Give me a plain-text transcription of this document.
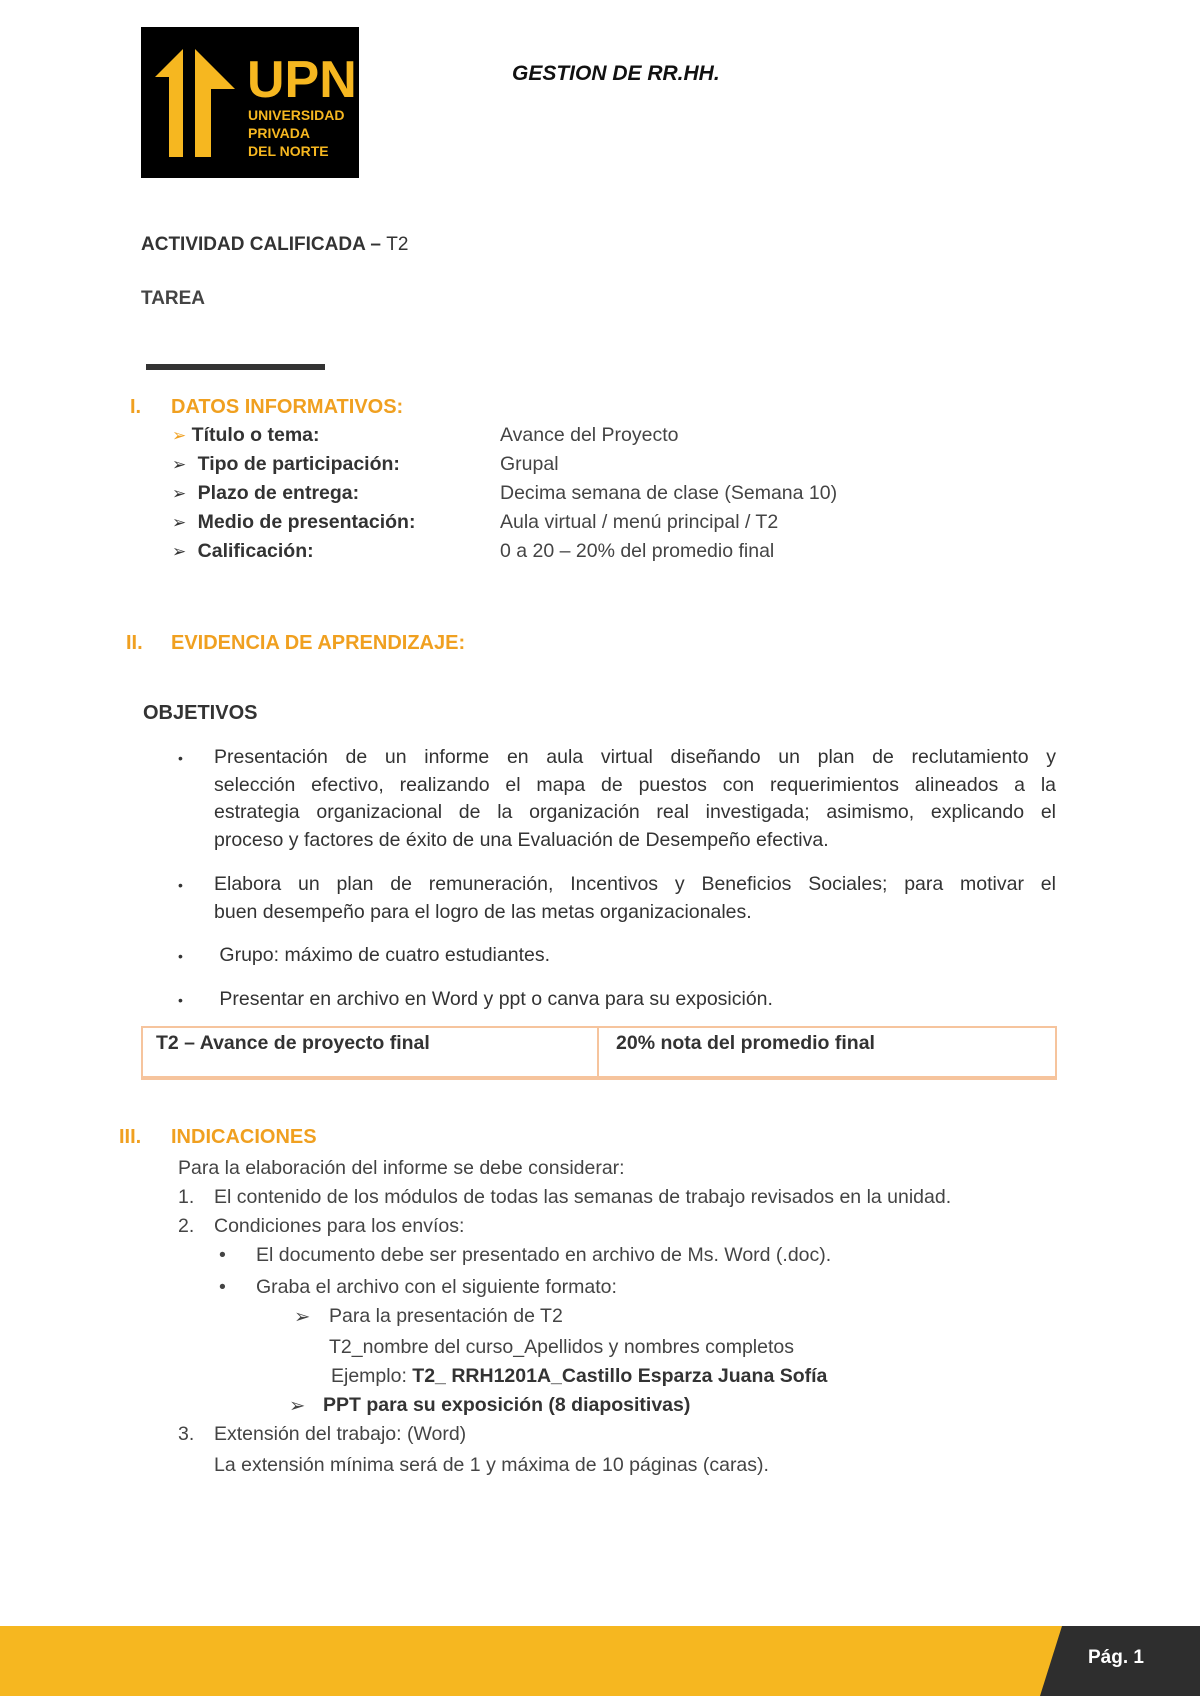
UPN
UNIVERSIDAD
PRIVADA
DEL NORTE
GESTION DE RR.HH.
ACTIVIDAD CALIFICADA – T2
TAREA
I. DATOS INFORMATIVOS:
➢ Título o tema:	Avance del Proyecto
➢ Tipo de participación:	Grupal
➢ Plazo de entrega:	Decima semana de clase (Semana 10)
➢ Medio de presentación:	Aula virtual / menú principal / T2
➢ Calificación:	0 a 20 – 20% del promedio final
II. EVIDENCIA DE APRENDIZAJE:
OBJETIVOS
• Presentación de un informe en aula virtual diseñando un plan de reclutamiento y
selección efectivo, realizando el mapa de puestos con requerimientos alineados a la
estrategia organizacional de la organización real investigada; asimismo, explicando el
proceso y factores de éxito de una Evaluación de Desempeño efectiva.
• Elabora un plan de remuneración, Incentivos y Beneficios Sociales; para motivar el
buen desempeño para el logro de las metas organizacionales.
• Grupo: máximo de cuatro estudiantes.
• Presentar en archivo en Word y ppt o canva para su exposición.
T2 – Avance de proyecto final	20% nota del promedio final
III. INDICACIONES
Para la elaboración del informe se debe considerar:
1. El contenido de los módulos de todas las semanas de trabajo revisados en la unidad.
2. Condiciones para los envíos:
• El documento debe ser presentado en archivo de Ms. Word (.doc).
• Graba el archivo con el siguiente formato:
➢ Para la presentación de T2
T2_nombre del curso_Apellidos y nombres completos
Ejemplo: T2_ RRH1201A_Castillo Esparza Juana Sofía
➢ PPT para su exposición (8 diapositivas)
3. Extensión del trabajo: (Word)
La extensión mínima será de 1 y máxima de 10 páginas (caras).
Pág. 1
